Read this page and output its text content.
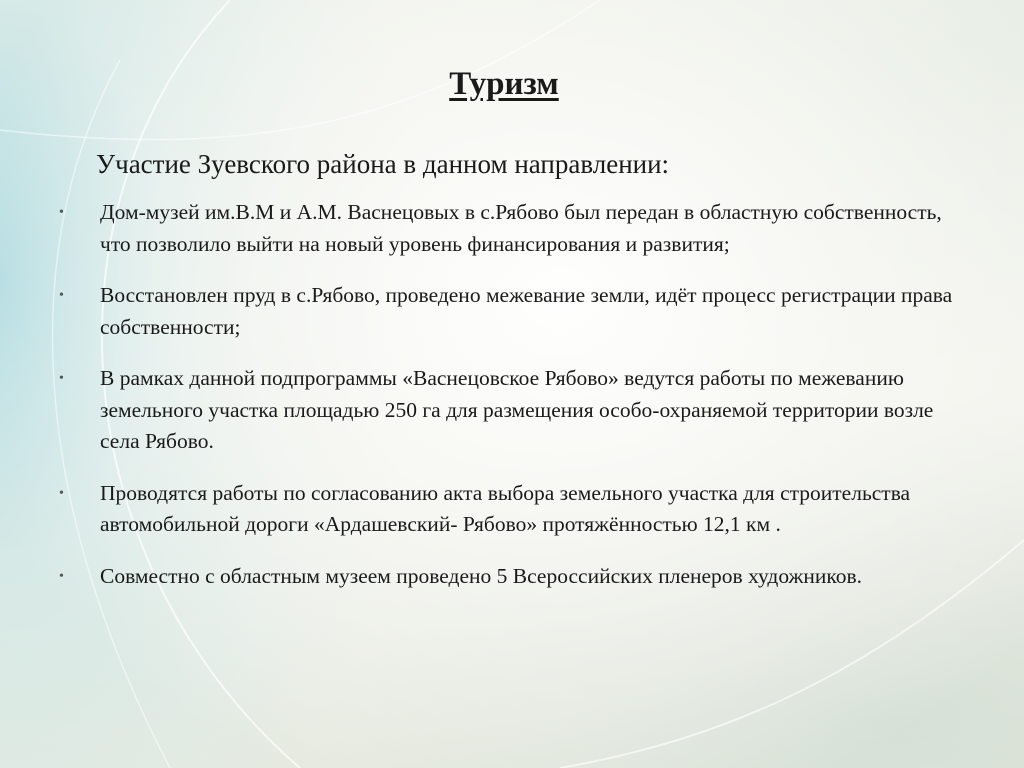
Туризм

Участие Зуевского района в данном направлении:

• Дом-музей им.В.М и А.М. Васнецовых в с.Рябово был передан в областную собственность, что позволило выйти на новый уровень финансирования и развития;
• Восстановлен пруд в с.Рябово, проведено межевание земли, идёт процесс регистрации права собственности;
• В рамках данной подпрограммы «Васнецовское Рябово» ведутся работы по межеванию земельного участка площадью 250 га для размещения особо-охраняемой территории возле села Рябово.
• Проводятся работы по согласованию акта выбора земельного участка для строительства автомобильной дороги «Ардашевский- Рябово» протяжённостью 12,1 км .
• Совместно с областным музеем проведено 5 Всероссийских пленеров художников.
